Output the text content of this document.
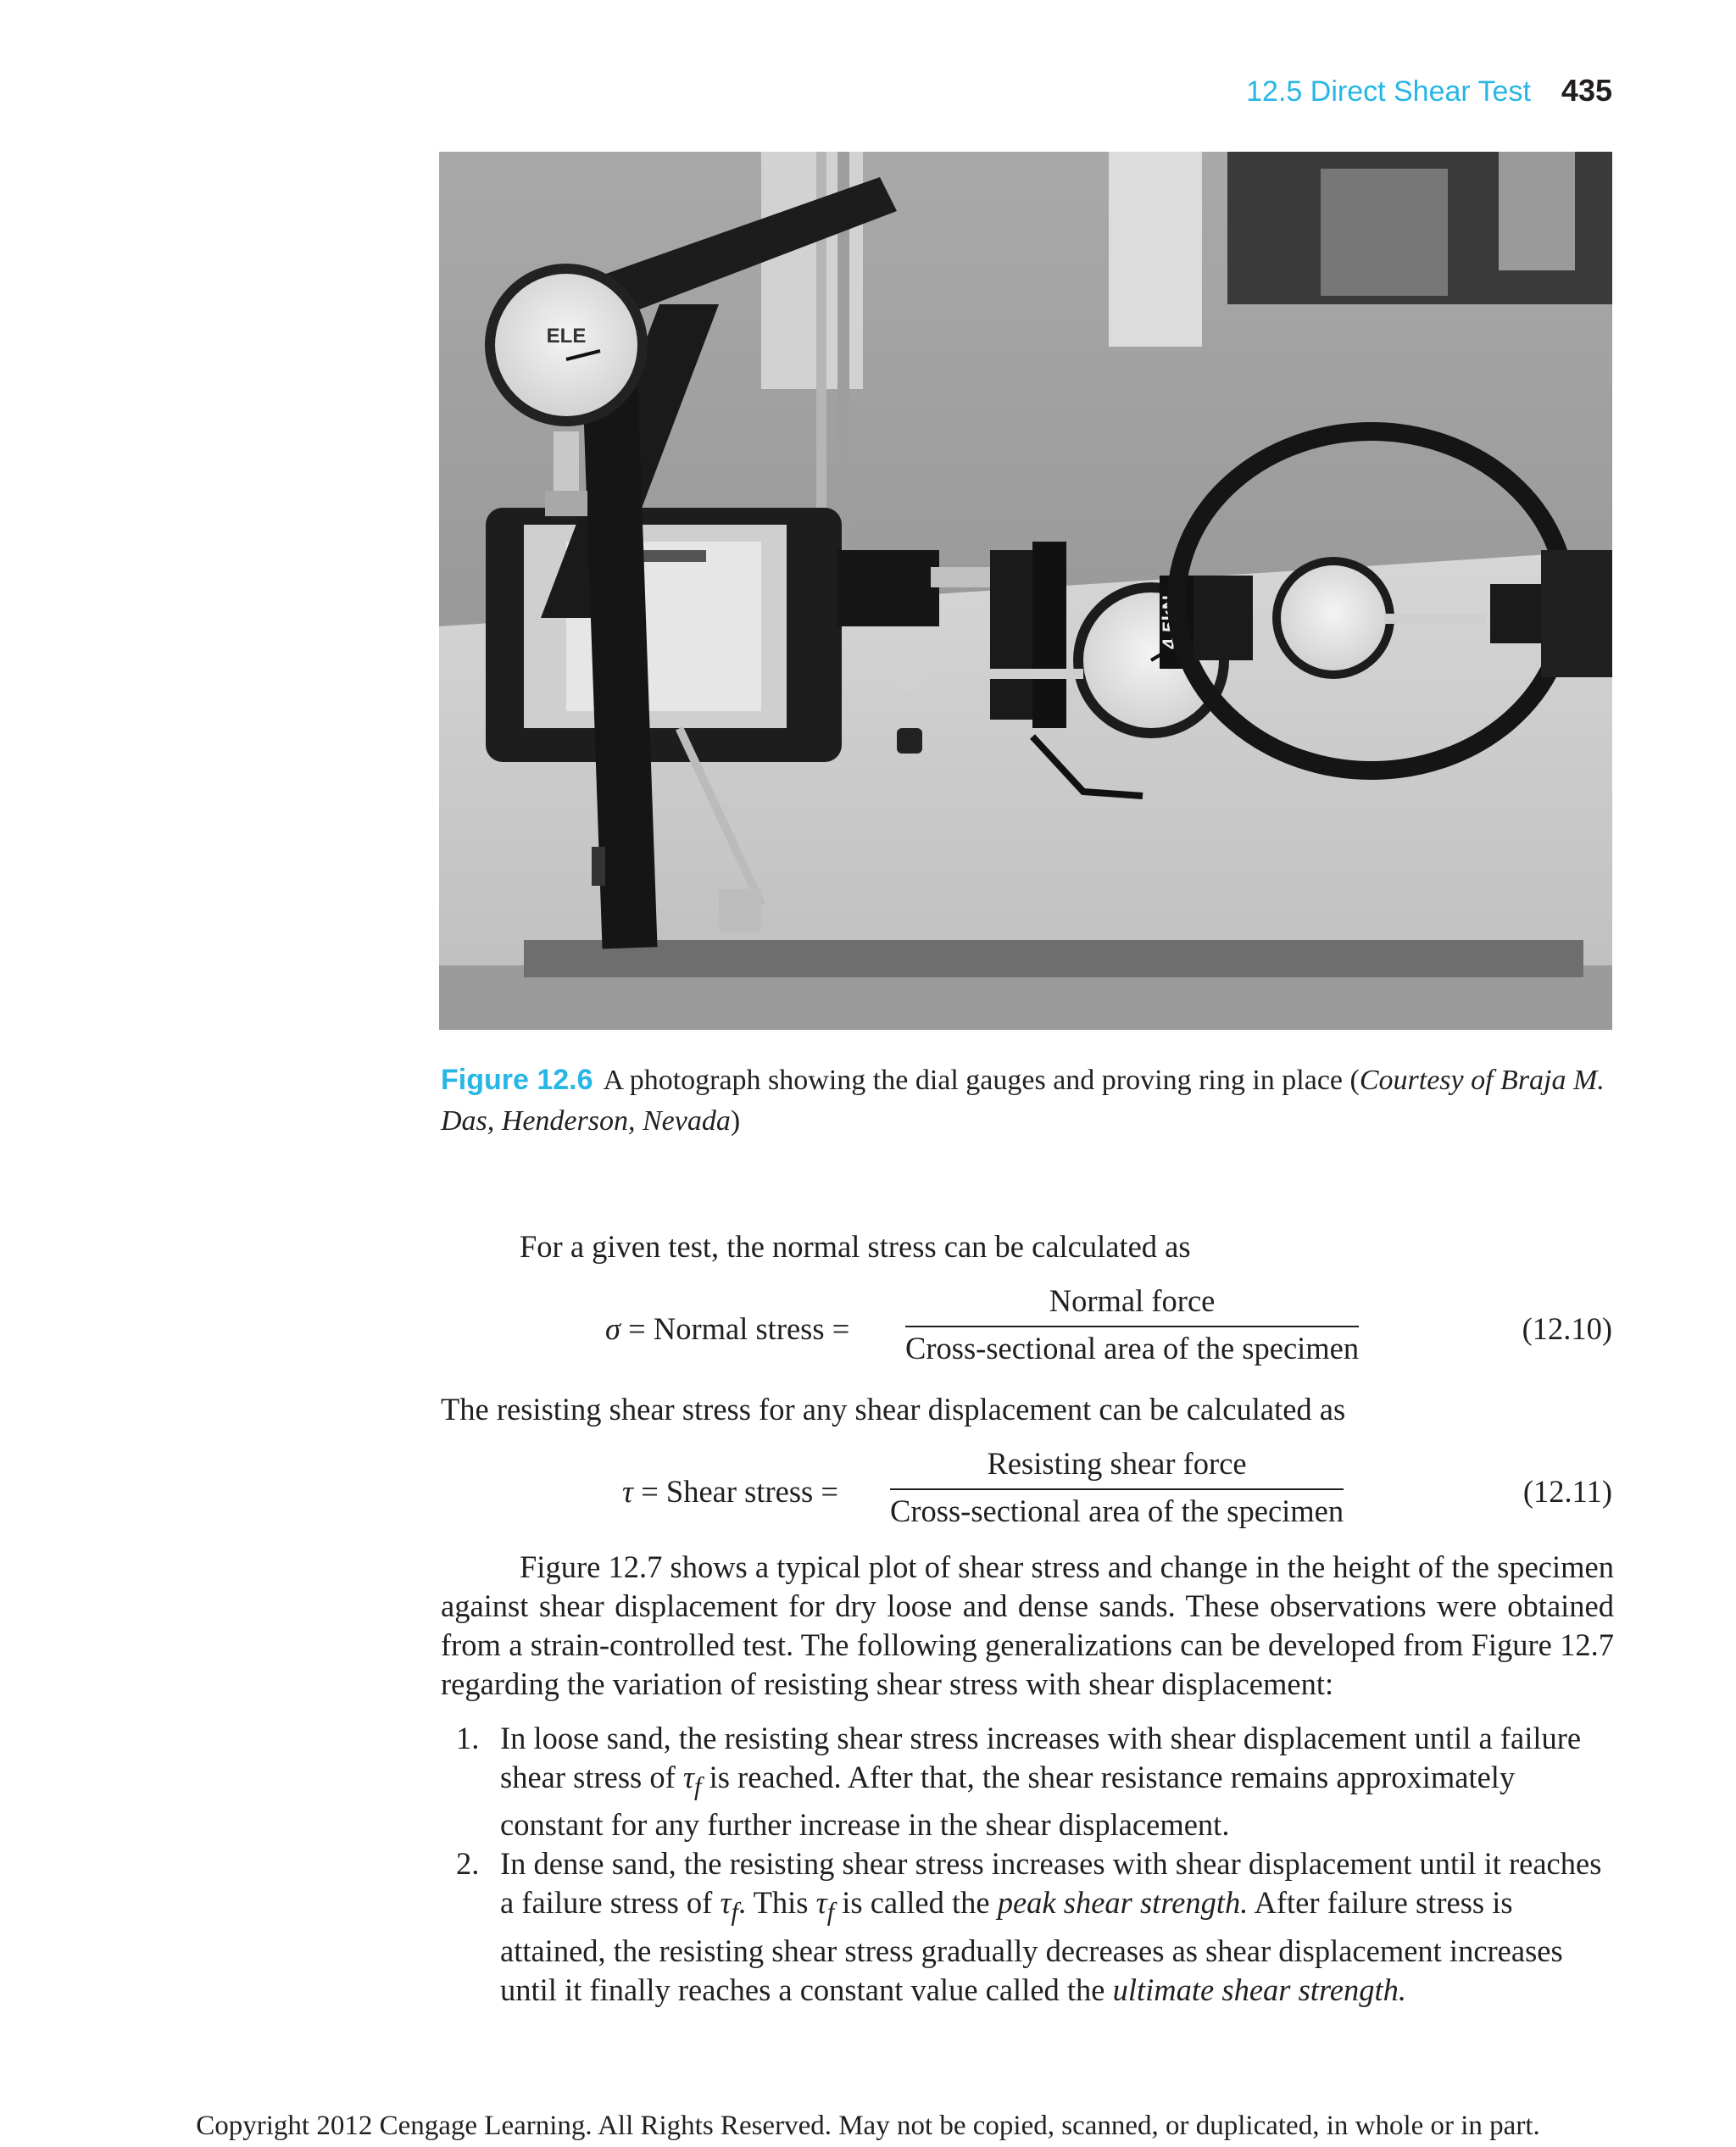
12.5 Direct Shear Test 435
ELE
4.5kN
Figure 12.6 A photograph showing the dial gauges and proving ring in place (Courtesy of Braja M. Das, Henderson, Nevada)
For a given test, the normal stress can be calculated as
σ = Normal stress =
Normal force
Cross-sectional area of the specimen
(12.10)
The resisting shear stress for any shear displacement can be calculated as
τ = Shear stress =
Resisting shear force
Cross-sectional area of the specimen
(12.11)
Figure 12.7 shows a typical plot of shear stress and change in the height of the specimen against shear displacement for dry loose and dense sands. These observations were obtained from a strain-controlled test. The following generalizations can be developed from Figure 12.7 regarding the variation of resisting shear stress with shear displacement:
1. In loose sand, the resisting shear stress increases with shear displacement until a failure shear stress of $\tau_f$ is reached. After that, the shear resistance remains approximately constant for any further increase in the shear displacement.
2. In dense sand, the resisting shear stress increases with shear displacement until it reaches a failure stress of $\tau_f$. This $\tau_f$ is called the peak shear strength. After failure stress is attained, the resisting shear stress gradually decreases as shear displacement increases until it finally reaches a constant value called the ultimate shear strength.
Copyright 2012 Cengage Learning. All Rights Reserved. May not be copied, scanned, or duplicated, in whole or in part.
